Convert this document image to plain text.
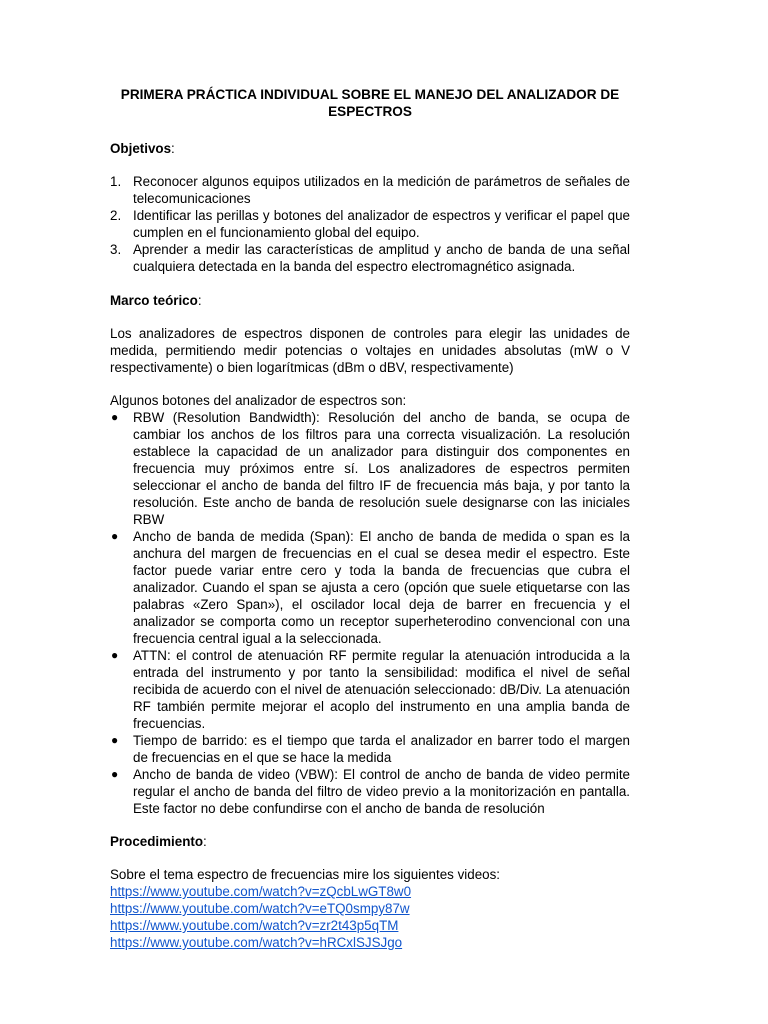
PRIMERA PRÁCTICA INDIVIDUAL SOBRE EL MANEJO DEL ANALIZADOR DE ESPECTROS
Objetivos:
1. Reconocer algunos equipos utilizados en la medición de parámetros de señales de telecomunicaciones
2. Identificar las perillas y botones del analizador de espectros y verificar el papel que cumplen en el funcionamiento global del equipo.
3. Aprender a medir las características de amplitud y ancho de banda de una señal cualquiera detectada en la banda del espectro electromagnético asignada.
Marco teórico:

Los analizadores de espectros disponen de controles para elegir las unidades de medida, permitiendo medir potencias o voltajes en unidades absolutas (mW o V respectivamente) o bien logarítmicas (dBm o dBV, respectivamente)

Algunos botones del analizador de espectros son:

● RBW (Resolution Bandwidth): Resolución del ancho de banda, se ocupa de cambiar los anchos de los filtros para una correcta visualización. La resolución establece la capacidad de un analizador para distinguir dos componentes en frecuencia muy próximos entre sí. Los analizadores de espectros permiten seleccionar el ancho de banda del filtro IF de frecuencia más baja, y por tanto la resolución. Este ancho de banda de resolución suele designarse con las iniciales RBW
● Ancho de banda de medida (Span): El ancho de banda de medida o span es la anchura del margen de frecuencias en el cual se desea medir el espectro. Este factor puede variar entre cero y toda la banda de frecuencias que cubra el analizador. Cuando el span se ajusta a cero (opción que suele etiquetarse con las palabras «Zero Span»), el oscilador local deja de barrer en frecuencia y el analizador se comporta como un receptor superheterodino convencional con una frecuencia central igual a la seleccionada.
● ATTN: el control de atenuación RF permite regular la atenuación introducida a la entrada del instrumento y por tanto la sensibilidad: modifica el nivel de señal recibida de acuerdo con el nivel de atenuación seleccionado: dB/Div. La atenuación RF también permite mejorar el acoplo del instrumento en una amplia banda de frecuencias.
● Tiempo de barrido: es el tiempo que tarda el analizador en barrer todo el margen de frecuencias en el que se hace la medida
● Ancho de banda de video (VBW): El control de ancho de banda de video permite regular el ancho de banda del filtro de video previo a la monitorización en pantalla. Este factor no debe confundirse con el ancho de banda de resolución
Procedimiento:

Sobre el tema espectro de frecuencias mire los siguientes videos:

https://www.youtube.com/watch?v=zQcbLwGT8w0
https://www.youtube.com/watch?v=eTQ0smpy87w
https://www.youtube.com/watch?v=zr2t43p5qTM
https://www.youtube.com/watch?v=hRCxlSJSJgo
